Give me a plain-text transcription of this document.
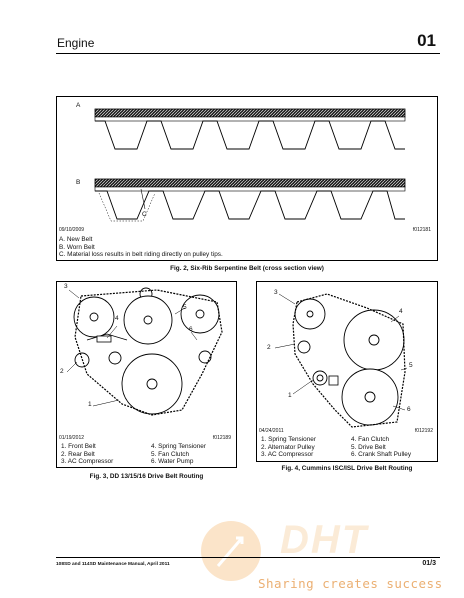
Engine	01
A
B
C
09/10/2009	f012181
A. New Belt
B. Worn Belt
C. Material loss results in belt riding directly on pulley tips.
Fig. 2, Six-Rib Serpentine Belt (cross section view)
3
2
1
4
5
6
01/19/2012	f012189
1. Front Belt	4. Spring Tensioner
2. Rear Belt	5. Fan Clutch
3. AC Compressor	6. Water Pump
Fig. 3, DD 13/15/16 Drive Belt Routing
3
2
1
4
5
6
04/24/2011	f012192
1. Spring Tensioner	4. Fan Clutch
2. Alternator Pulley	5. Drive Belt
3. AC Compressor	6. Crank Shaft Pulley
Fig. 4, Cummins ISC/ISL Drive Belt Routing
DHT
Sharing creates success
108SD and 114SD Maintenance Manual, April 2011	01/3
